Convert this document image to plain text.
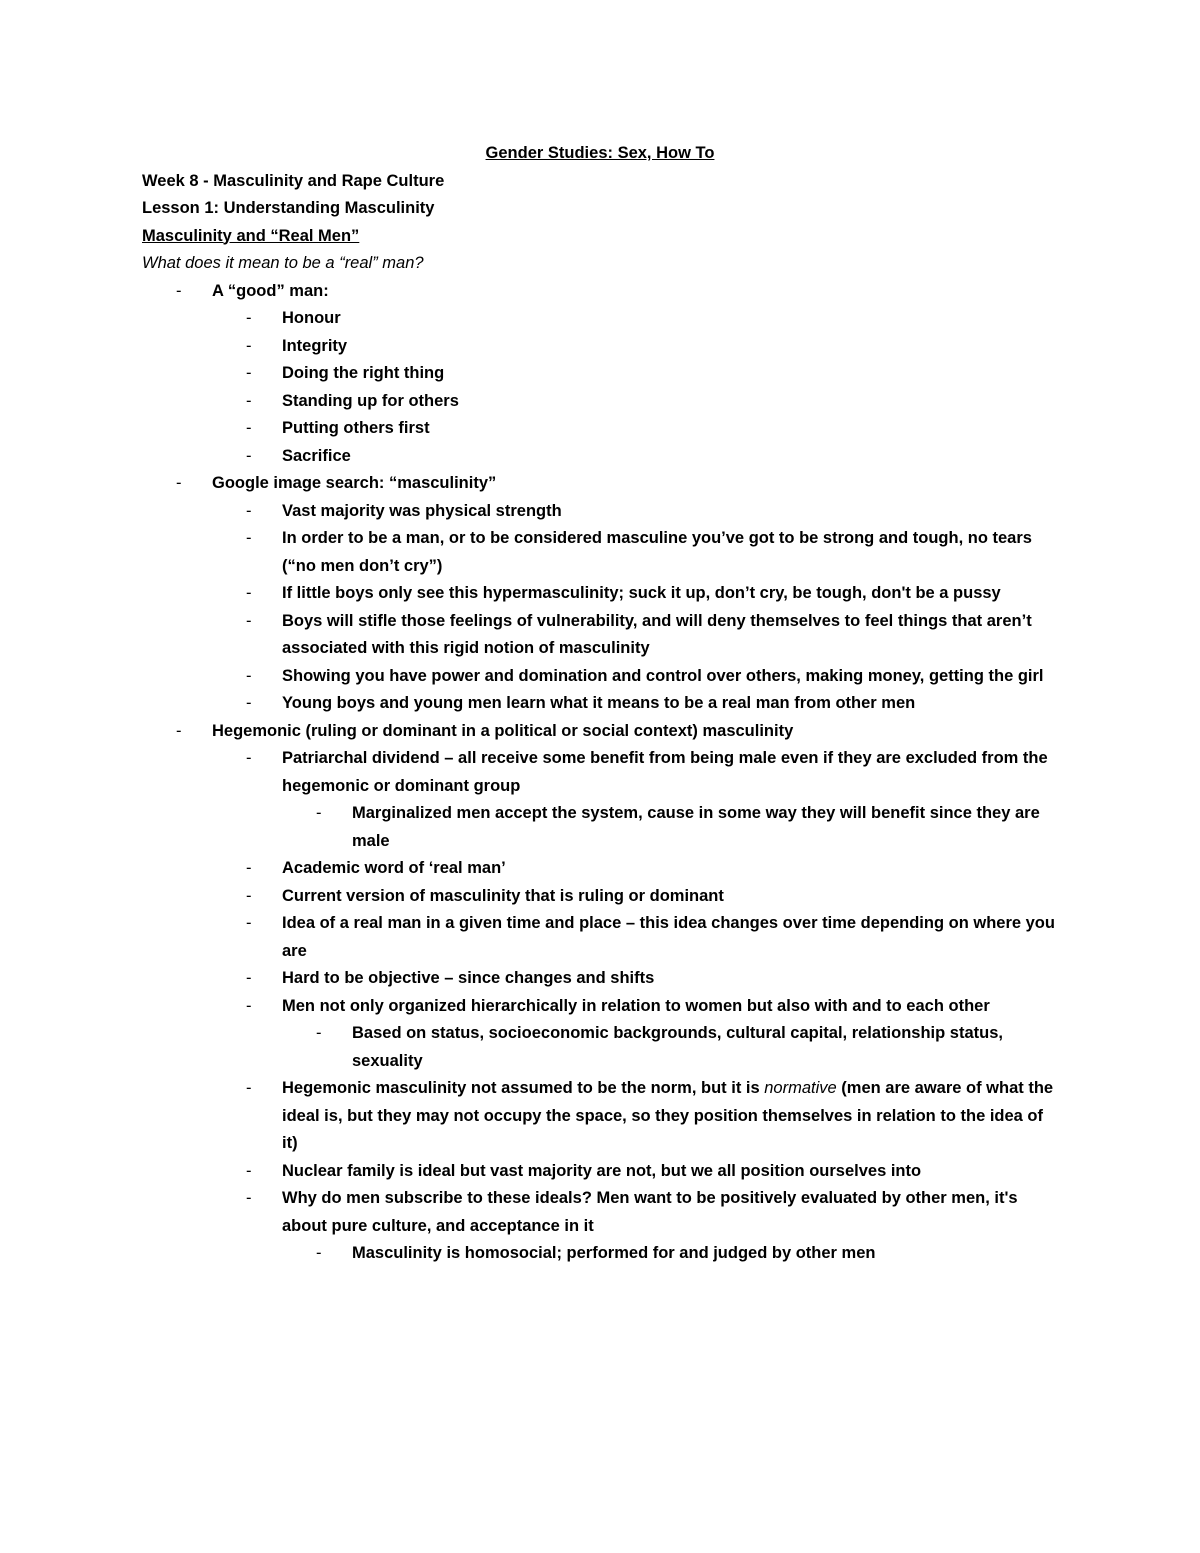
Gender Studies: Sex, How To
Week 8 - Masculinity and Rape Culture
Lesson 1: Understanding Masculinity
Masculinity and “Real Men”
What does it mean to be a “real” man?
- A “good” man:
- Honour
- Integrity
- Doing the right thing
- Standing up for others
- Putting others first
- Sacrifice
- Google image search: “masculinity”
- Vast majority was physical strength
- In order to be a man, or to be considered masculine you’ve got to be strong and tough, no tears (“no men don’t cry”)
- If little boys only see this hypermasculinity; suck it up, don’t cry, be tough, don't be a pussy
- Boys will stifle those feelings of vulnerability, and will deny themselves to feel things that aren’t associated with this rigid notion of masculinity
- Showing you have power and domination and control over others, making money, getting the girl
- Young boys and young men learn what it means to be a real man from other men
- Hegemonic (ruling or dominant in a political or social context) masculinity
- Patriarchal dividend – all receive some benefit from being male even if they are excluded from the hegemonic or dominant group
- Marginalized men accept the system, cause in some way they will benefit since they are male
- Academic word of ‘real man’
- Current version of masculinity that is ruling or dominant
- Idea of a real man in a given time and place – this idea changes over time depending on where you are
- Hard to be objective – since changes and shifts
- Men not only organized hierarchically in relation to women but also with and to each other
- Based on status, socioeconomic backgrounds, cultural capital, relationship status, sexuality
- Hegemonic masculinity not assumed to be the norm, but it is normative (men are aware of what the ideal is, but they may not occupy the space, so they position themselves in relation to the idea of it)
- Nuclear family is ideal but vast majority are not, but we all position ourselves into
- Why do men subscribe to these ideals? Men want to be positively evaluated by other men, it's about pure culture, and acceptance in it
- Masculinity is homosocial; performed for and judged by other men
